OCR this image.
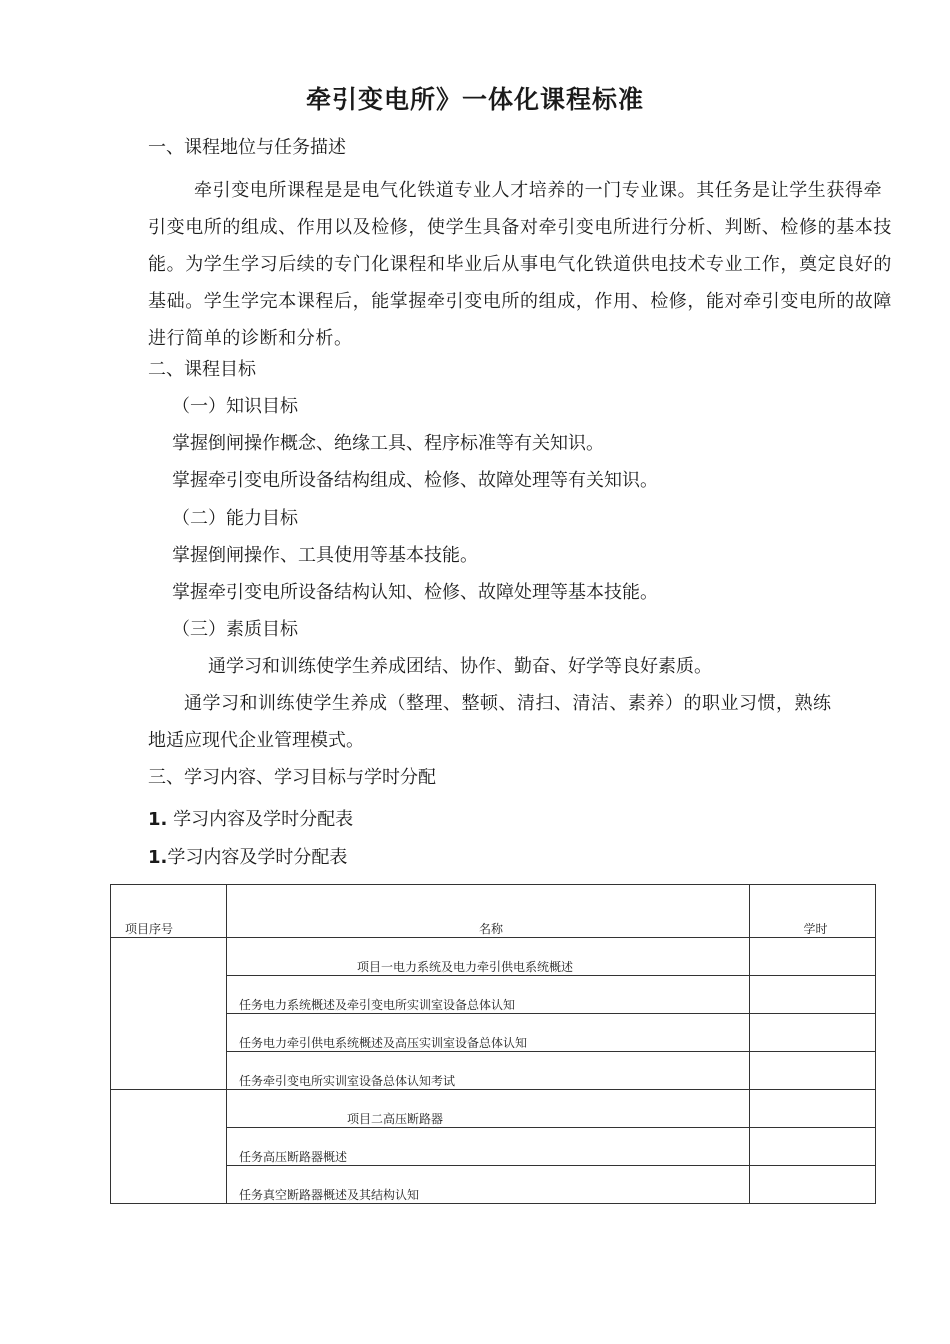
牵引变电所》一体化课程标准
一、课程地位与任务描述
牵引变电所课程是是电气化铁道专业人才培养的一门专业课。其任务是让学生获得牵引变电所的组成、作用以及检修，使学生具备对牵引变电所进行分析、判断、检修的基本技能。为学生学习后续的专门化课程和毕业后从事电气化铁道供电技术专业工作，奠定良好的基础。学生学完本课程后，能掌握牵引变电所的组成，作用、检修，能对牵引变电所的故障进行简单的诊断和分析。
二、课程目标
（一）知识目标
掌握倒闸操作概念、绝缘工具、程序标准等有关知识。
掌握牵引变电所设备结构组成、检修、故障处理等有关知识。
（二）能力目标
掌握倒闸操作、工具使用等基本技能。
掌握牵引变电所设备结构认知、检修、故障处理等基本技能。
（三）素质目标
通学习和训练使学生养成团结、协作、勤奋、好学等良好素质。
通学习和训练使学生养成（整理、整顿、清扫、清洁、素养）的职业习惯，熟练
地适应现代企业管理模式。
三、学习内容、学习目标与学时分配
1. 学习内容及学时分配表
1.学习内容及学时分配表
项目序号	名称	学时
	项目一电力系统及电力牵引供电系统概述	
	任务电力系统概述及牵引变电所实训室设备总体认知	
	任务电力牵引供电系统概述及高压实训室设备总体认知	
	任务牵引变电所实训室设备总体认知考试	
	项目二高压断路器	
	任务高压断路器概述	
	任务真空断路器概述及其结构认知	
